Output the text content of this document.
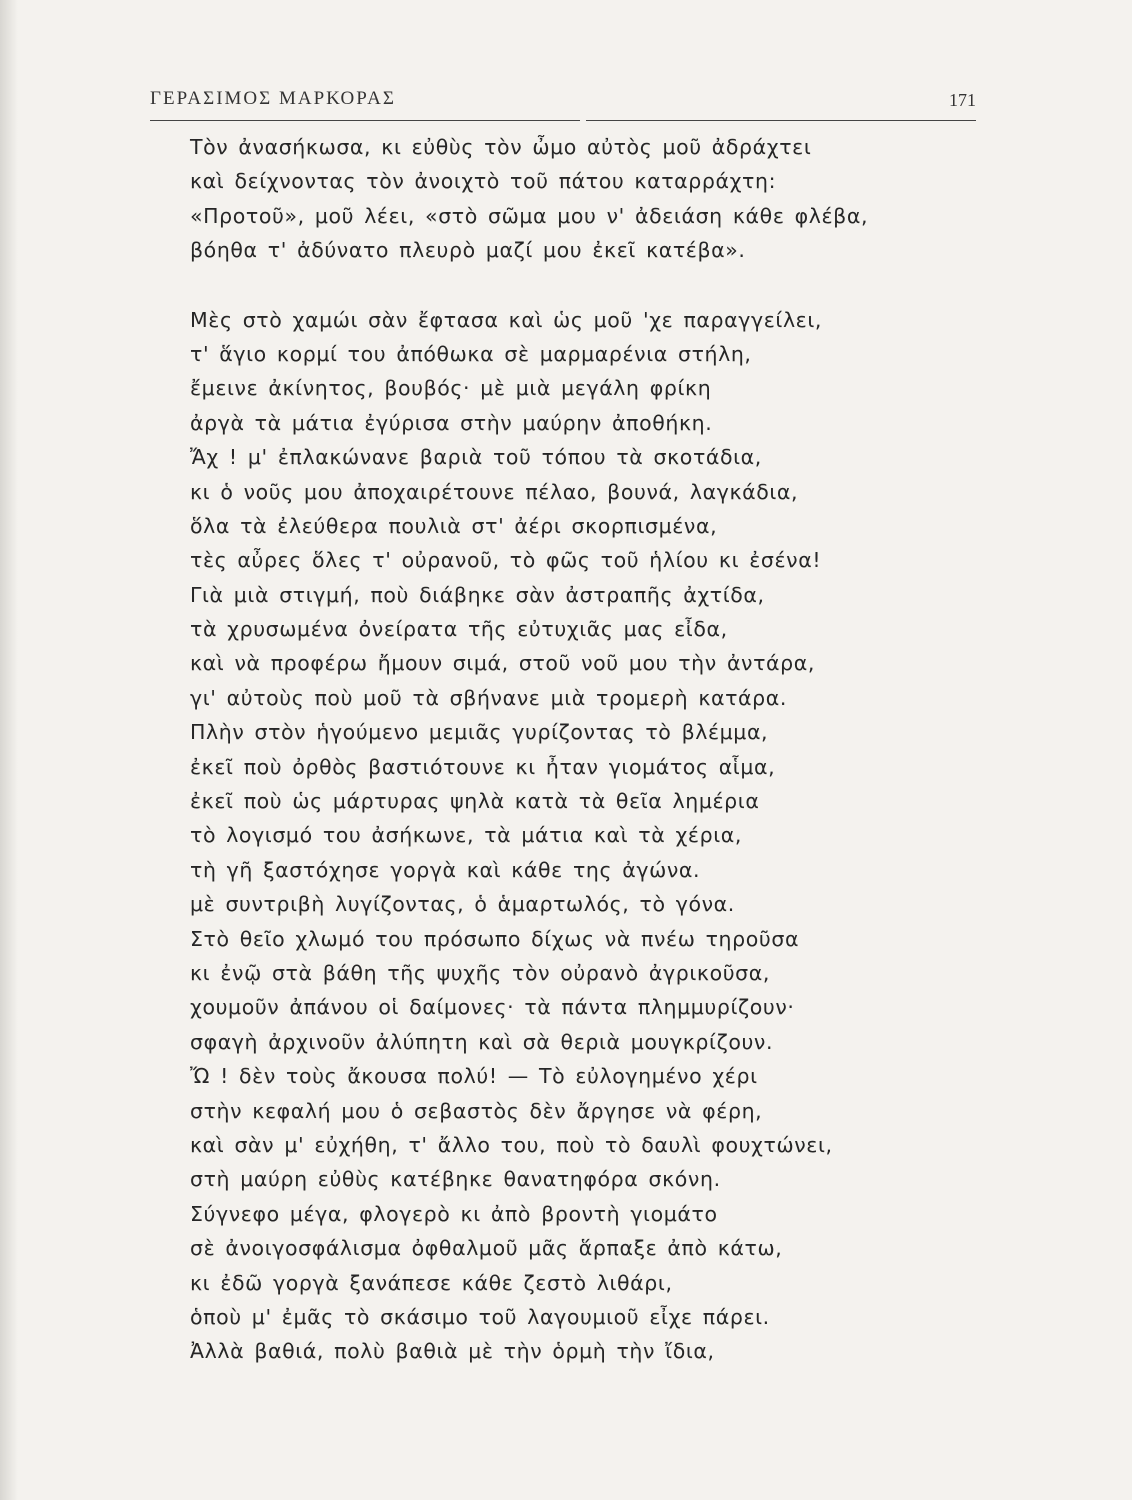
ΓΕΡΑΣΙΜΟΣ ΜΑΡΚΟΡΑΣ	171
Τὸν ἀνασήκωσα, κι εὐθὺς τὸν ὦμο αὐτὸς μοῦ ἀδράχτει
καὶ δείχνοντας τὸν ἀνοιχτὸ τοῦ πάτου καταρράχτη:
«Προτοῦ», μοῦ λέει, «στὸ σῶμα μου ν' ἀδειάση κάθε φλέβα,
βόηθα τ' ἀδύνατο πλευρὸ μαζί μου ἐκεῖ κατέβα».
Μὲς στὸ χαμώι σὰν ἔφτασα καὶ ὡς μοῦ 'χε παραγγείλει,
τ' ἅγιο κορμί του ἀπόθωκα σὲ μαρμαρένια στήλη,
ἔμεινε ἀκίνητος, βουβός· μὲ μιὰ μεγάλη φρίκη
ἀργὰ τὰ μάτια ἐγύρισα στὴν μαύρην ἀποθήκη.
Ἄχ ! μ' ἐπλακώνανε βαριὰ τοῦ τόπου τὰ σκοτάδια,
κι ὁ νοῦς μου ἀποχαιρέτουνε πέλαο, βουνά, λαγκάδια,
ὅλα τὰ ἐλεύθερα πουλιὰ στ' ἀέρι σκορπισμένα,
τὲς αὖρες ὅλες τ' οὐρανοῦ, τὸ φῶς τοῦ ἡλίου κι ἐσένα!
Γιὰ μιὰ στιγμή, ποὺ διάβηκε σὰν ἀστραπῆς ἀχτίδα,
τὰ χρυσωμένα ὀνείρατα τῆς εὐτυχιᾶς μας εἶδα,
καὶ νὰ προφέρω ἤμουν σιμά, στοῦ νοῦ μου τὴν ἀντάρα,
γι' αὐτοὺς ποὺ μοῦ τὰ σβήνανε μιὰ τρομερὴ κατάρα.
Πλὴν στὸν ἡγούμενο μεμιᾶς γυρίζοντας τὸ βλέμμα,
ἐκεῖ ποὺ ὀρθὸς βαστιότουνε κι ἦταν γιομάτος αἷμα,
ἐκεῖ ποὺ ὡς μάρτυρας ψηλὰ κατὰ τὰ θεῖα λημέρια
τὸ λογισμό του ἀσήκωνε, τὰ μάτια καὶ τὰ χέρια,
τὴ γῆ ξαστόχησε γοργὰ καὶ κάθε της ἀγώνα.
μὲ συντριβὴ λυγίζοντας, ὁ ἁμαρτωλός, τὸ γόνα.
Στὸ θεῖο χλωμό του πρόσωπο δίχως νὰ πνέω τηροῦσα
κι ἐνῷ στὰ βάθη τῆς ψυχῆς τὸν οὐρανὸ ἀγρικοῦσα,
χουμοῦν ἀπάνου οἱ δαίμονες· τὰ πάντα πλημμυρίζουν·
σφαγὴ ἀρχινοῦν ἀλύπητη καὶ σὰ θεριὰ μουγκρίζουν.
Ὤ ! δὲν τοὺς ἄκουσα πολύ! — Τὸ εὐλογημένο χέρι
στὴν κεφαλή μου ὁ σεβαστὸς δὲν ἄργησε νὰ φέρη,
καὶ σὰν μ' εὐχήθη, τ' ἄλλο του, ποὺ τὸ δαυλὶ φουχτώνει,
στὴ μαύρη εὐθὺς κατέβηκε θανατηφόρα σκόνη.
Σύγνεφο μέγα, φλογερὸ κι ἀπὸ βροντὴ γιομάτο
σὲ ἀνοιγοσφάλισμα ὀφθαλμοῦ μᾶς ἅρπαξε ἀπὸ κάτω,
κι ἐδῶ γοργὰ ξανάπεσε κάθε ζεστὸ λιθάρι,
ὁποὺ μ' ἐμᾶς τὸ σκάσιμο τοῦ λαγουμιοῦ εἶχε πάρει.
Ἀλλὰ βαθιά, πολὺ βαθιὰ μὲ τὴν ὁρμὴ τὴν ἴδια,
